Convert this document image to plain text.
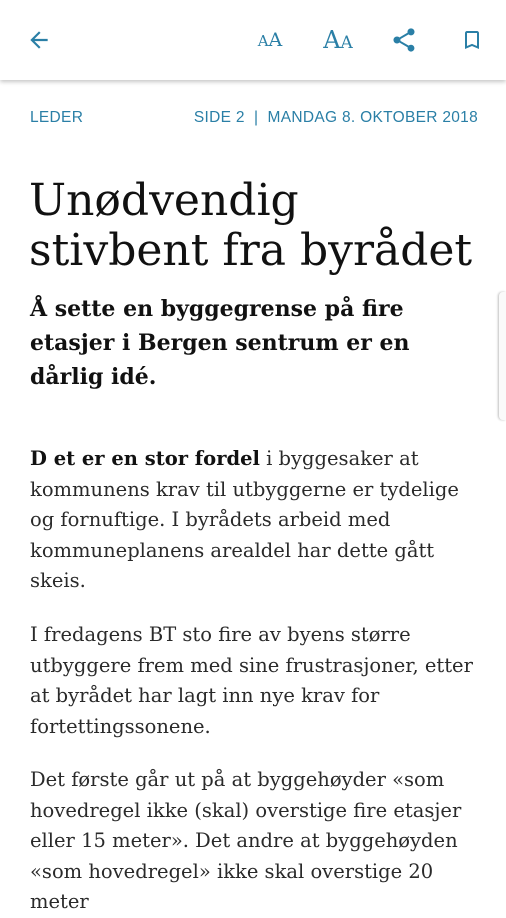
AA AA
LEDER	SIDE 2  |  MANDAG 8. OKTOBER 2018
Unødvendig stivbent fra byrådet

Å sette en byggegrense på fire etasjer i Bergen sentrum er en dårlig idé.

D et er en stor fordel i byggesaker at kommunens krav til utbyggerne er tydelige og fornuftige. I byrådets arbeid med kommuneplanens arealdel har dette gått skeis.

I fredagens BT sto fire av byens større utbyggere frem med sine frustrasjoner, etter at byrådet har lagt inn nye krav for fortettingssonene.

Det første går ut på at byggehøyder «som hovedregel ikke (skal) overstige fire etasjer eller 15 meter». Det andre at byggehøyden «som hovedregel» ikke skal overstige 20 meter
